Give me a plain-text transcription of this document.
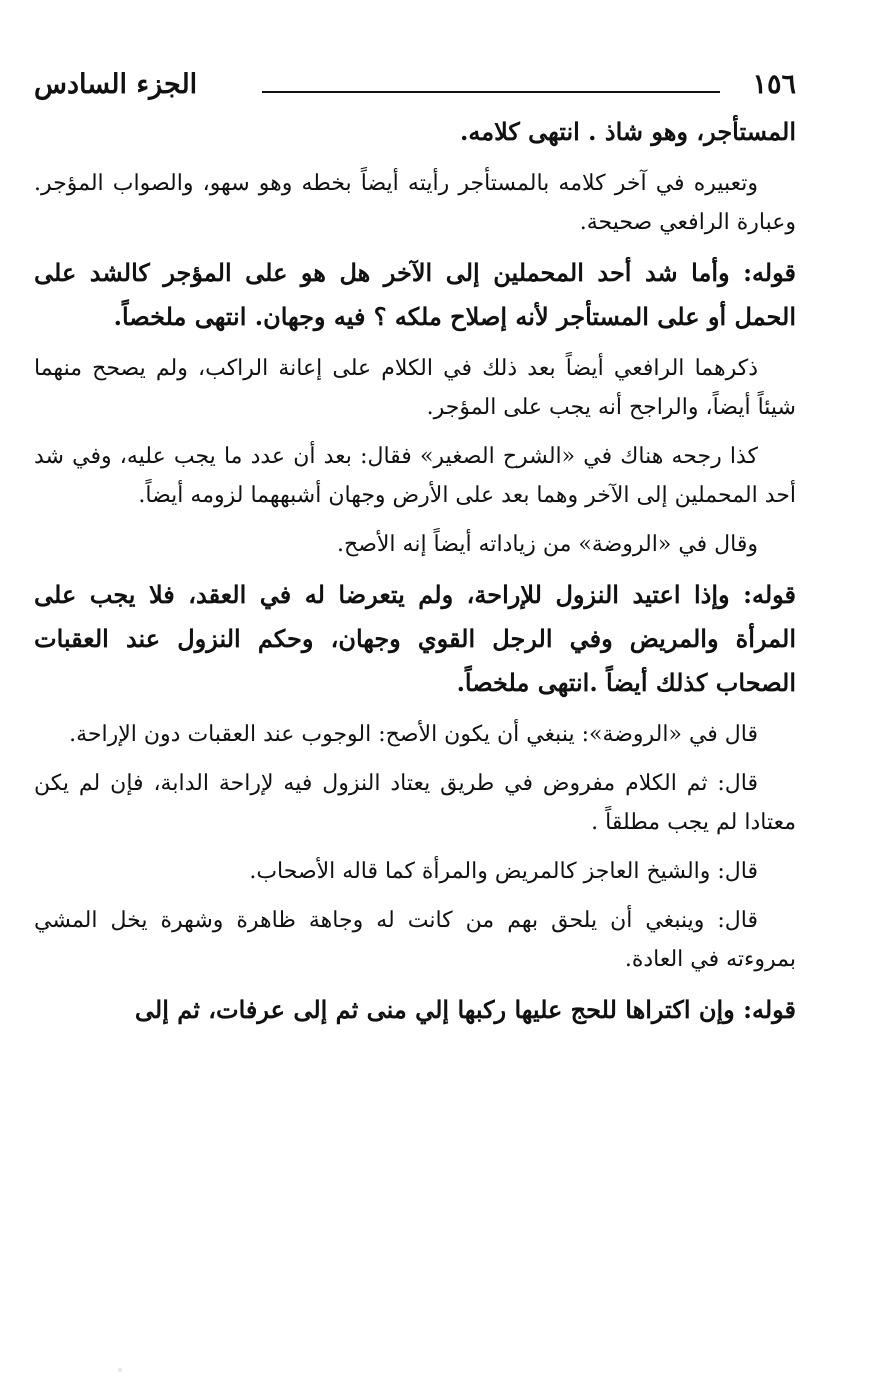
١٥٦
الجزء السادس

المستأجر، وهو شاذ . انتهى كلامه.

وتعبيره في آخر كلامه بالمستأجر رأيته أيضاً بخطه وهو سهو، والصواب المؤجر. وعبارة الرافعي صحيحة.

قوله: وأما شد أحد المحملين إلى الآخر هل هو على المؤجر كالشد على الحمل أو على المستأجر لأنه إصلاح ملكه ؟ فيه وجهان. انتهى ملخصاً.

ذكرهما الرافعي أيضاً بعد ذلك في الكلام على إعانة الراكب، ولم يصحح منهما شيئاً أيضاً، والراجح أنه يجب على المؤجر.

كذا رجحه هناك في «الشرح الصغير» فقال: بعد أن عدد ما يجب عليه، وفي شد أحد المحملين إلى الآخر وهما بعد على الأرض وجهان أشبههما لزومه أيضاً.

وقال في «الروضة» من زياداته أيضاً إنه الأصح.

قوله: وإذا اعتيد النزول للإراحة، ولم يتعرضا له في العقد، فلا يجب على المرأة والمريض وفي الرجل القوي وجهان، وحكم النزول عند العقبات الصحاب كذلك أيضاً .انتهى ملخصاً.

قال في «الروضة»: ينبغي أن يكون الأصح: الوجوب عند العقبات دون الإراحة.

قال: ثم الكلام مفروض في طريق يعتاد النزول فيه لإراحة الدابة، فإن لم يكن معتادا لم يجب مطلقاً .

قال: والشيخ العاجز كالمريض والمرأة كما قاله الأصحاب.

قال: وينبغي أن يلحق بهم من كانت له وجاهة ظاهرة وشهرة يخل المشي بمروءته في العادة.

قوله: وإن اكتراها للحج عليها ركبها إلي منى ثم إلى عرفات، ثم إلى
